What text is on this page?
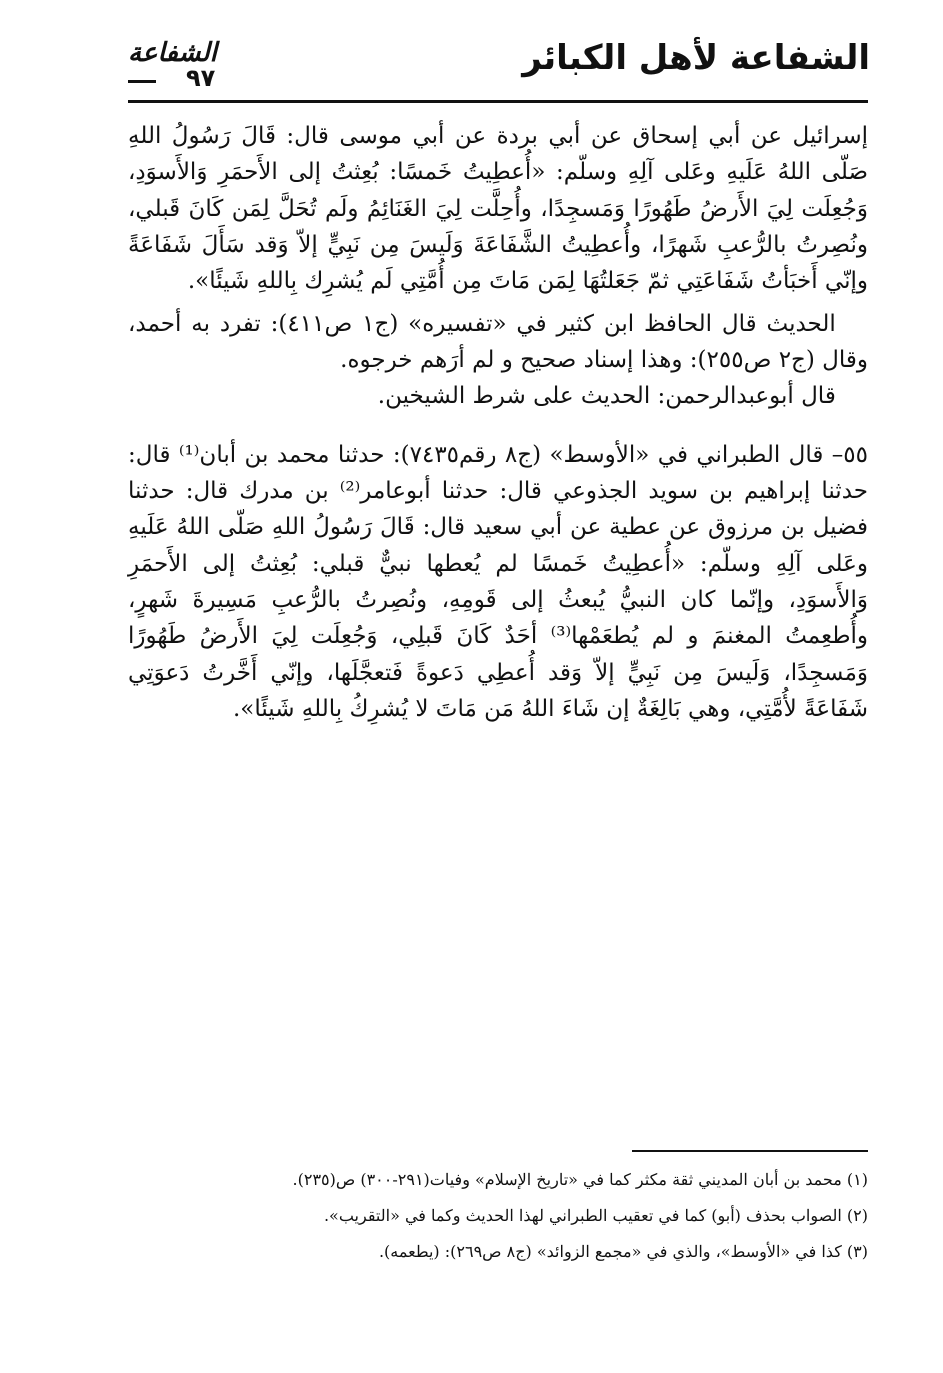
الشفاعة لأهل الكبائر
الشفاعة
٩٧

إسرائيل عن أبي إسحاق عن أبي بردة عن أبي موسى قال: قَالَ رَسُولُ اللهِ صَلّى اللهُ عَلَيهِ وعَلى آلِهِ وسلّم: «أُعطِيتُ خَمسًا: بُعِثتُ إلى الأَحمَرِ وَالأَسوَدِ، وَجُعِلَت لِيَ الأَرضُ طَهُورًا وَمَسجِدًا، وأُحِلَّت لِيَ الغَنَائِمُ ولَم تُحَلَّ لِمَن كَانَ قَبلي، ونُصِرتُ بالرُّعبِ شَهرًا، وأُعطِيتُ الشَّفَاعَةَ وَلَيسَ مِن نَبِيٍّ إلاّ وَقد سَأَلَ شَفَاعَةً وإنّي أَخبَأتُ شَفَاعَتِي ثمّ جَعَلتُهَا لِمَن مَاتَ مِن أُمَّتِي لَم يُشرِك بِاللهِ شَيئًا».

الحديث قال الحافظ ابن كثير في «تفسيره» (ج١ ص٤١١): تفرد به أحمد، وقال (ج٢ ص٢٥٥): وهذا إسناد صحيح و لم أرَهم خرجوه.

قال أبوعبدالرحمن: الحديث على شرط الشيخين.

٥٥– قال الطبراني في «الأوسط» (ج٨ رقم٧٤٣٥): حدثنا محمد بن أبان⁽¹⁾ قال: حدثنا إبراهيم بن سويد الجذوعي قال: حدثنا أبوعامر⁽²⁾ بن مدرك قال: حدثنا فضيل بن مرزوق عن عطية عن أبي سعيد قال: قَالَ رَسُولُ اللهِ صَلّى اللهُ عَلَيهِ وعَلى آلِهِ وسلّم: «أُعطِيتُ خَمسًا لم يُعطها نبيٌّ قبلي: بُعِثتُ إلى الأَحمَرِ وَالأَسوَدِ، وإنّما كان النبيُّ يُبعثُ إلى قَومِهِ، ونُصِرتُ بالرُّعبِ مَسِيرةَ شَهرٍ، وأُطعِمتُ المغنمَ و لم يُطعَمْها⁽³⁾ أحَدٌ كَانَ قَبلِي، وَجُعِلَت لِيَ الأَرضُ طَهُورًا وَمَسجِدًا، وَلَيسَ مِن نَبِيٍّ إلاّ وَقد أُعطِي دَعوةً فَتعجَّلَها، وإنّي أَخَّرتُ دَعوَتِي شَفَاعَةً لأُمَّتِي، وهي بَالِغَةٌ إن شَاءَ اللهُ مَن مَاتَ لا يُشرِكُ بِاللهِ شَيئًا».

(١) محمد بن أبان المديني ثقة مكثر كما في «تاريخ الإسلام» وفيات(٢٩١-٣٠٠) ص(٢٣٥).

(٢) الصواب بحذف (أبو) كما في تعقيب الطبراني لهذا الحديث وكما في «التقريب».

(٣) كذا في «الأوسط»، والذي في «مجمع الزوائد» (ج٨ ص٢٦٩): (يطعمه).
